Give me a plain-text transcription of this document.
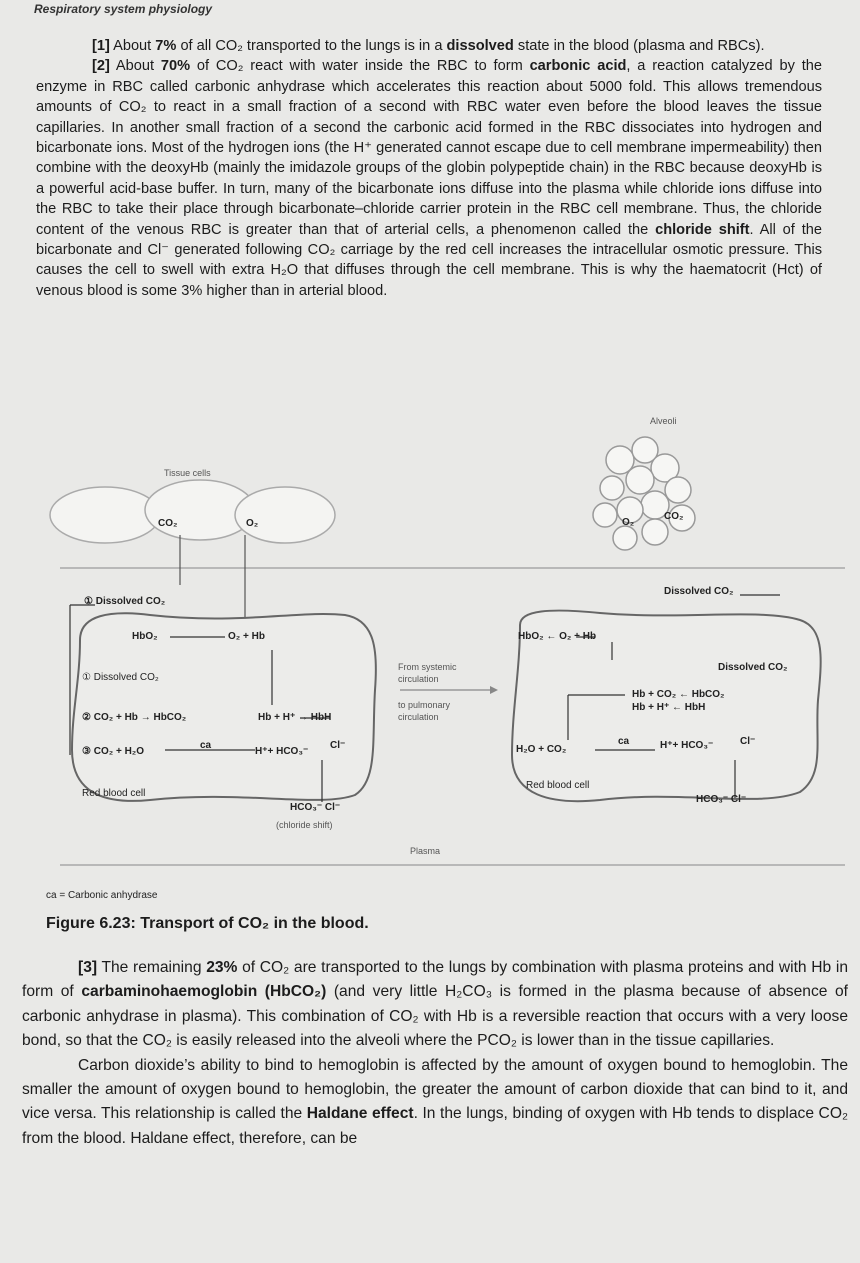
Respiratory system physiology

[1] About 7% of all CO₂ transported to the lungs is in a dissolved state in the blood (plasma and RBCs).

[2] About 70% of CO₂ react with water inside the RBC to form carbonic acid, a reaction catalyzed by the enzyme in RBC called carbonic anhydrase which accelerates this reaction about 5000 fold. This allows tremendous amounts of CO₂ to react in a small fraction of a second with RBC water even before the blood leaves the tissue capillaries. In another small fraction of a second the carbonic acid formed in the RBC dissociates into hydrogen and bicarbonate ions. Most of the hydrogen ions (the H⁺ generated cannot escape due to cell membrane impermeability) then combine with the deoxyHb (mainly the imidazole groups of the globin polypeptide chain) in the RBC because deoxyHb is a powerful acid-base buffer. In turn, many of the bicarbonate ions diffuse into the plasma while chloride ions diffuse into the RBC to take their place through bicarbonate–chloride carrier protein in the RBC cell membrane. Thus, the chloride content of the venous RBC is greater than that of arterial cells, a phenomenon called the chloride shift. All of the bicarbonate and Cl⁻ generated following CO₂ carriage by the red cell increases the intracellular osmotic pressure. This causes the cell to swell with extra H₂O that diffuses through the cell membrane. This is why the haematocrit (Hct) of venous blood is some 3% higher than in arterial blood.

Tissue cells
Alveoli
CO₂	O₂	O₂
CO₂
① Dissolved CO₂
Dissolved CO₂
HbO₂	O₂ + Hb
① Dissolved CO₂
② CO₂ + Hb → HbCO₂	Hb + H⁺ → HbH
③ CO₂ + H₂O
ca
H⁺+ HCO₃⁻
Cl⁻
Red blood cell
HCO₃⁻ Cl⁻
(chloride shift)
From systemic
circulation
to pulmonary
circulation
Plasma
HbO₂ ← O₂ + Hb
Dissolved CO₂
Hb + CO₂ ← HbCO₂
Hb + H⁺ ← HbH
H₂O + CO₂
ca	H⁺+ HCO₃⁻	Cl⁻
Red blood cell
HCO₃⁻ Cl⁻
ca = Carbonic anhydrase
Figure 6.23: Transport of CO₂ in the blood.

[3] The remaining 23% of CO₂ are transported to the lungs by combination with plasma proteins and with Hb in form of carbaminohaemoglobin (HbCO₂) (and very little H₂CO₃ is formed in the plasma because of absence of carbonic anhydrase in plasma). This combination of CO₂ with Hb is a reversible reaction that occurs with a very loose bond, so that the CO₂ is easily released into the alveoli where the PCO₂ is lower than in the tissue capillaries.

Carbon dioxide’s ability to bind to hemoglobin is affected by the amount of oxygen bound to hemoglobin. The smaller the amount of oxygen bound to hemoglobin, the greater the amount of carbon dioxide that can bind to it, and vice versa. This relationship is called the Haldane effect. In the lungs, binding of oxygen with Hb tends to displace CO₂ from the blood. Haldane effect, therefore, can be
